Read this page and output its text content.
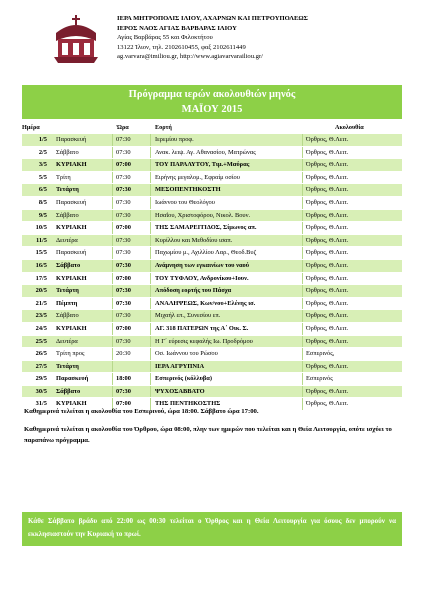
ΙΕΡΑ ΜΗΤΡΟΠΟΛΙΣ ΙΛΙΟΥ, ΑΧΑΡΝΩΝ ΚΑΙ ΠΕΤΡΟΥΠΟΛΕΩΣ
ΙΕΡΟΣ ΝΑΟΣ ΑΓΙΑΣ ΒΑΡΒΑΡΑΣ ΙΛΙΟΥ
Αγίας Βαρβάρας 55 και Φιλοκτήτου
13122 Ίλιον, τηλ. 2102610455, φαξ 2102611449
ag.varvara@imiliou.gr, http://www.agiavarvarailiou.gr/
Πρόγραμμα ιερών ακολουθιών μηνός
ΜΑΪΟΥ 2015
Ημέρα	Ώρα	Εορτή	Ακολουθία
1/5 Παρασκευή	07:30	Ιερεμίου προφ.	Όρθρος, Θ.Λειτ.
2/5 Σάββατο	07:30	Ανακ. λειψ. Αγ. Αθανασίου, Ματρώνας	Όρθρος, Θ.Λειτ.
3/5 ΚΥΡΙΑΚΗ	07:00	ΤΟΥ ΠΑΡΑΛΥΤΟΥ, Τιμ.+Μαύρας	Όρθρος, Θ.Λειτ.
5/5 Τρίτη	07:30	Ειρήνης μεγαλομ., Εφραίμ οσίου	Όρθρος, Θ.Λειτ.
6/5 Τετάρτη	07:30	ΜΕΣΟΠΕΝΤΗΚΟΣΤΗ	Όρθρος, Θ.Λειτ.
8/5 Παρασκευή	07:30	Ιωάννου του Θεολόγου	Όρθρος, Θ.Λειτ.
9/5 Σάββατο	07:30	Ησαΐου, Χριστοφόρου, Νικολ. Βουν.	Όρθρος, Θ.Λειτ.
10/5 ΚΥΡΙΑΚΗ	07:00	ΤΗΣ ΣΑΜΑΡΕΙΤΙΔΟΣ, Σίμωνος απ.	Όρθρος, Θ.Λειτ.
11/5 Δευτέρα	07:30	Κυρίλλου και Μεθοδίου ισαπ.	Όρθρος, Θ.Λειτ.
15/5 Παρασκευή	07:30	Παχωμίου μ., Αχιλλίου Λαρ., Θεοδ.Βυζ	Όρθρος, Θ.Λειτ.
16/5 Σάββατο	07:30	Ανάμνηση των εγκαινίων του ναού	Όρθρος, Θ.Λειτ.
17/5 ΚΥΡΙΑΚΗ	07:00	ΤΟΥ ΤΥΦΛΟΥ, Ανδρονίκου+Ιουν.	Όρθρος, Θ.Λειτ.
20/5 Τετάρτη	07:30	Απόδοση εορτής του Πάσχα	Όρθρος, Θ.Λειτ.
21/5 Πέμπτη	07:30	ΑΝΑΛΗΨΕΩΣ, Κων/νου+Ελένης ισ.	Όρθρος, Θ.Λειτ.
23/5 Σάββατο	07:30	Μιχαήλ επ., Συνεσίου επ.	Όρθρος, Θ.Λειτ.
24/5 ΚΥΡΙΑΚΗ	07:00	ΑΓ. 318 ΠΑΤΕΡΩΝ της Α΄ Οικ. Σ.	Όρθρος, Θ.Λειτ.
25/5 Δευτέρα	07:30	Η Γ΄ εύρεσις κεφαλής Ιω. Προδρόμου	Όρθρος, Θ.Λειτ.
26/5 Τρίτη προς	20:30	Οσ. Ιωάννου του Ρώσου	Εσπερινός,
27/5 Τετάρτη	ΙΕΡΑ ΑΓΡΥΠΝΙΑ	Όρθρος, Θ.Λειτ.
29/5 Παρασκευή	18:00	Εσπερινός (κόλλυβα)	Εσπερινός
30/5 Σάββατο	07:30	ΨΥΧΟΣΑΒΒΑΤΟ	Όρθρος, Θ.Λειτ.
31/5 ΚΥΡΙΑΚΗ	07:00	ΤΗΣ ΠΕΝΤΗΚΟΣΤΗΣ	Όρθρος, Θ.Λειτ.
Καθημερινά τελείται η ακολουθία του Εσπερινού, ώρα 18:00. Σάββατο ώρα 17:00.
Καθημερινά τελείται η ακολουθία του Όρθρου, ώρα 08:00, πλην των ημερών που τελείται και η Θεία Λειτουργία, οπότε ισχύει το παραπάνω πρόγραμμα.
Κάθε Σάββατο βράδυ από 22:00 ως 00:30 τελείται ο Όρθρος και η Θεία Λειτουργία για όσους δεν μπορούν να εκκλησιαστούν την Κυριακή το πρωί.
